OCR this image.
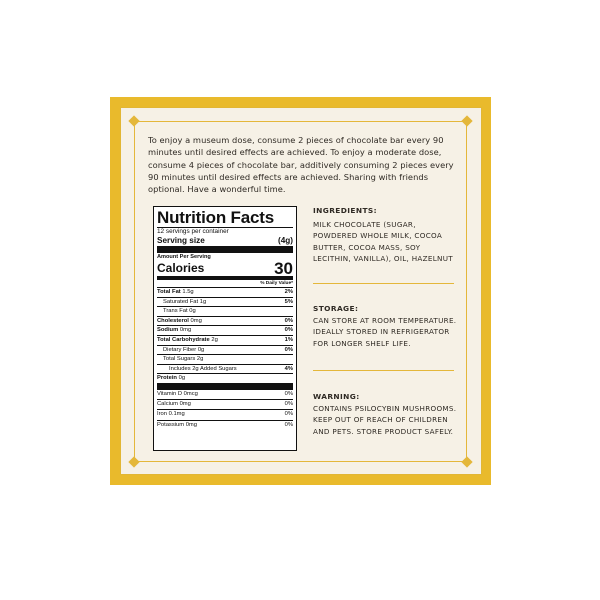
To enjoy a museum dose, consume 2 pieces of chocolate bar every 90 minutes until desired effects are achieved. To enjoy a moderate dose, consume 4 pieces of chocolate bar, additively consuming 2 pieces every 90 minutes until desired effects are achieved. Sharing with friends optional. Have a wonderful time.

Nutrition Facts
12 servings per container
Serving size	(4g)
Amount Per Serving
Calories	30
% Daily Value*
Total Fat 1.5g	2%
Saturated Fat 1g	5%
Trans Fat 0g
Cholesterol 0mg	0%
Sodium 0mg	0%
Total Carbohydrate 2g	1%
Dietary Fiber 0g	0%
Total Sugars 2g
Includes 2g Added Sugars	4%
Protein 0g
Vitamin D 0mcg	0%
Calcium 0mg	0%
Iron 0.1mg	0%
Potassium 0mg	0%
INGREDIENTS:
MILK CHOCOLATE (SUGAR, POWDERED WHOLE MILK, COCOA BUTTER, COCOA MASS, SOY LECITHIN, VANILLA), OIL, HAZELNUT
STORAGE:
CAN STORE AT ROOM TEMPERATURE. IDEALLY STORED IN REFRIGERATOR FOR LONGER SHELF LIFE.
WARNING:
CONTAINS PSILOCYBIN MUSHROOMS. KEEP OUT OF REACH OF CHILDREN AND PETS. STORE PRODUCT SAFELY.
